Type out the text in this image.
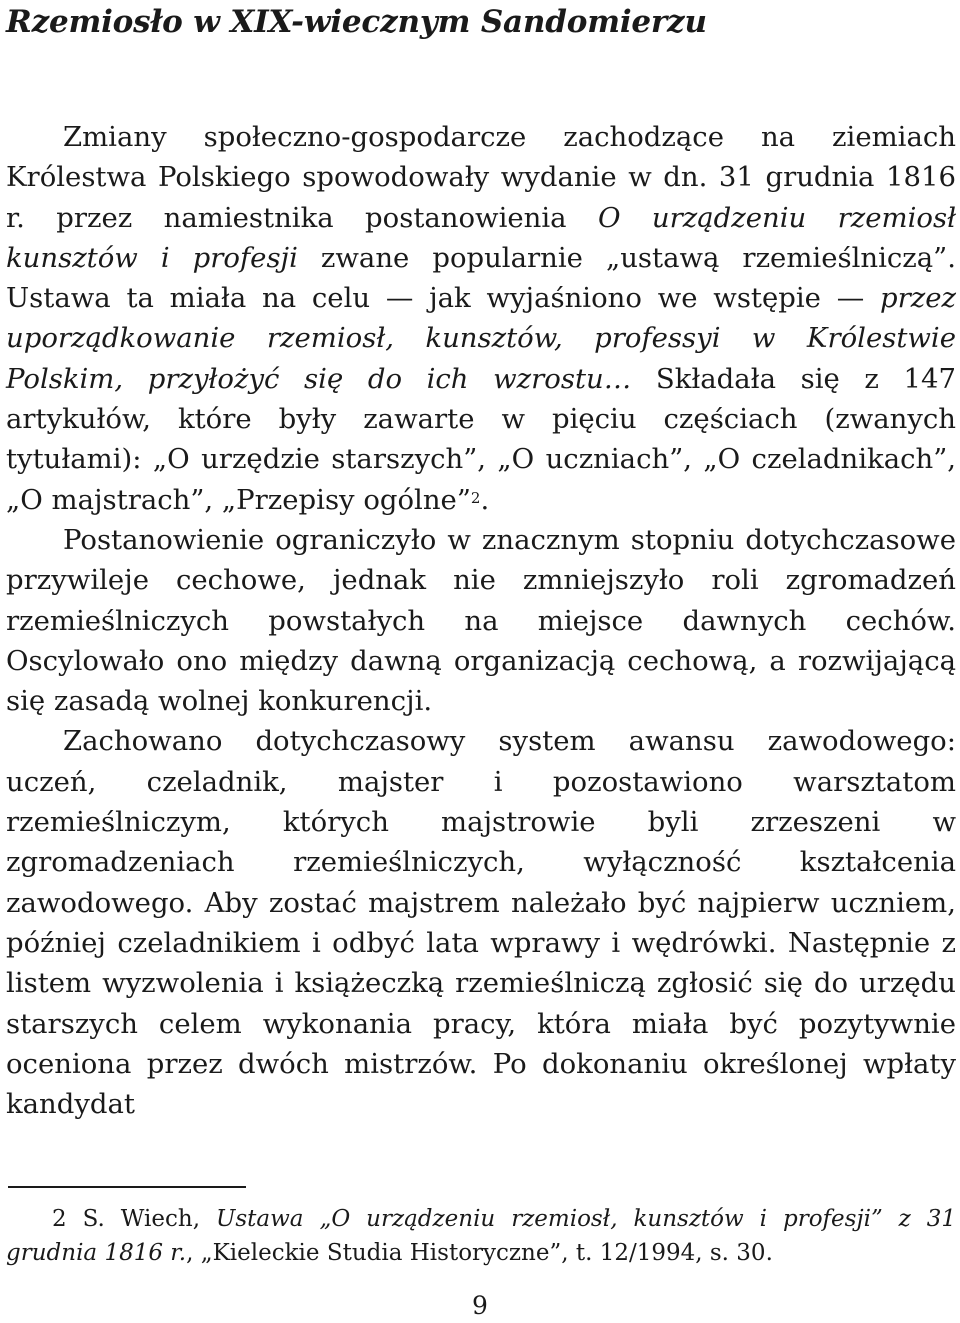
Rzemiosło w XIX-wiecznym Sandomierzu

Zmiany społeczno-gospodarcze zachodzące na ziemiach Królestwa Polskiego spowodowały wydanie w dn. 31 grudnia 1816 r. przez namiestnika postanowienia O urządzeniu rzemiosł kunsztów i profesji zwane popularnie „ustawą rzemieślniczą”. Ustawa ta miała na celu — jak wyjaśniono we wstępie — przez uporządkowanie rzemiosł, kunsztów, professyi w Królestwie Polskim, przyłożyć się do ich wzrostu… Składała się z 147 artykułów, które były zawarte w pięciu częściach (zwanych tytułami): „O urzędzie starszych”, „O uczniach”, „O czeladnikach”, „O majstrach”, „Przepisy ogólne”$^2$.

Postanowienie ograniczyło w znacznym stopniu dotychczasowe przywileje cechowe, jednak nie zmniejszyło roli zgromadzeń rzemieślniczych powstałych na miejsce dawnych cechów. Oscylowało ono między dawną organizacją cechową, a rozwijającą się zasadą wolnej konkurencji.

Zachowano dotychczasowy system awansu zawodowego: uczeń, czeladnik, majster i pozostawiono warsztatom rzemieślniczym, których majstrowie byli zrzeszeni w zgromadzeniach rzemieślniczych, wyłączność kształcenia zawodowego. Aby zostać majstrem należało być najpierw uczniem, później czeladnikiem i odbyć lata wprawy i wędrówki. Następnie z listem wyzwolenia i książeczką rzemieślniczą zgłosić się do urzędu starszych celem wykonania pracy, która miała być pozytywnie oceniona przez dwóch mistrzów. Po dokonaniu określonej wpłaty kandydat

2 S. Wiech, Ustawa „O urządzeniu rzemiosł, kunsztów i profesji” z 31 grudnia 1816 r., „Kieleckie Studia Historyczne”, t. 12/1994, s. 30.
9
